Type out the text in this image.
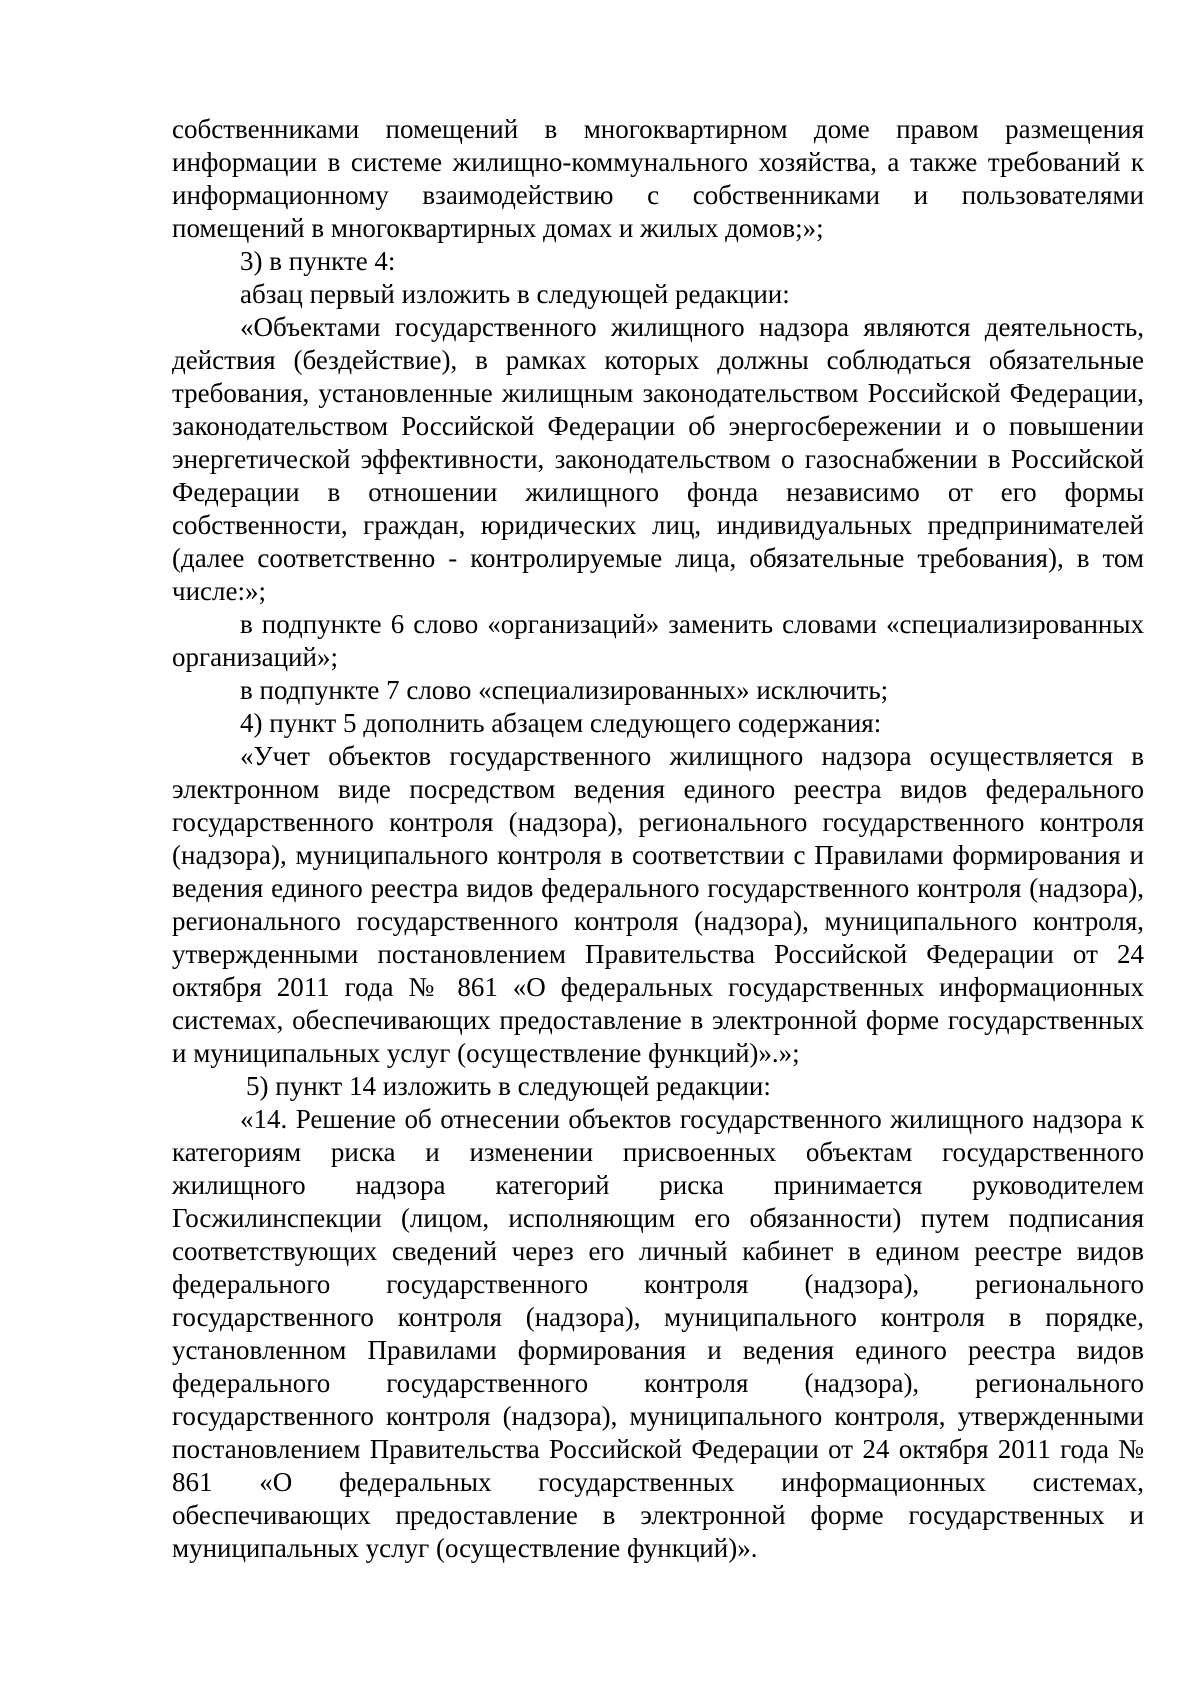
собственниками помещений в многоквартирном доме правом размещения информации в системе жилищно-коммунального хозяйства, а также требований к информационному взаимодействию с собственниками и пользователями помещений в многоквартирных домах и жилых домов;»;

3) в пункте 4:

абзац первый изложить в следующей редакции:

«Объектами государственного жилищного надзора являются деятельность, действия (бездействие), в рамках которых должны соблюдаться обязательные требования, установленные жилищным законодательством Российской Федерации, законодательством Российской Федерации об энергосбережении и о повышении энергетической эффективности, законодательством о газоснабжении в Российской Федерации в отношении жилищного фонда независимо от его формы собственности, граждан, юридических лиц, индивидуальных предпринимателей (далее соответственно - контролируемые лица, обязательные требования), в том числе:»;

в подпункте 6 слово «организаций» заменить словами «специализированных организаций»;

в подпункте 7 слово «специализированных» исключить;

4) пункт 5 дополнить абзацем следующего содержания:

«Учет объектов государственного жилищного надзора осуществляется в электронном виде посредством ведения единого реестра видов федерального государственного контроля (надзора), регионального государственного контроля (надзора), муниципального контроля в соответствии с Правилами формирования и ведения единого реестра видов федерального государственного контроля (надзора), регионального государственного контроля (надзора), муниципального контроля, утвержденными постановлением Правительства Российской Федерации от 24 октября 2011 года № 861 «О федеральных государственных информационных системах, обеспечивающих предоставление в электронной форме государственных и муниципальных услуг (осуществление функций)».»;

5) пункт 14 изложить в следующей редакции:

«14. Решение об отнесении объектов государственного жилищного надзора к категориям риска и изменении присвоенных объектам государственного жилищного надзора категорий риска принимается руководителем Госжилинспекции (лицом, исполняющим его обязанности) путем подписания соответствующих сведений через его личный кабинет в едином реестре видов федерального государственного контроля (надзора), регионального государственного контроля (надзора), муниципального контроля в порядке, установленном Правилами формирования и ведения единого реестра видов федерального государственного контроля (надзора), регионального государственного контроля (надзора), муниципального контроля, утвержденными постановлением Правительства Российской Федерации от 24 октября 2011 года № 861 «О федеральных государственных информационных системах, обеспечивающих предоставление в электронной форме государственных и муниципальных услуг (осуществление функций)».
